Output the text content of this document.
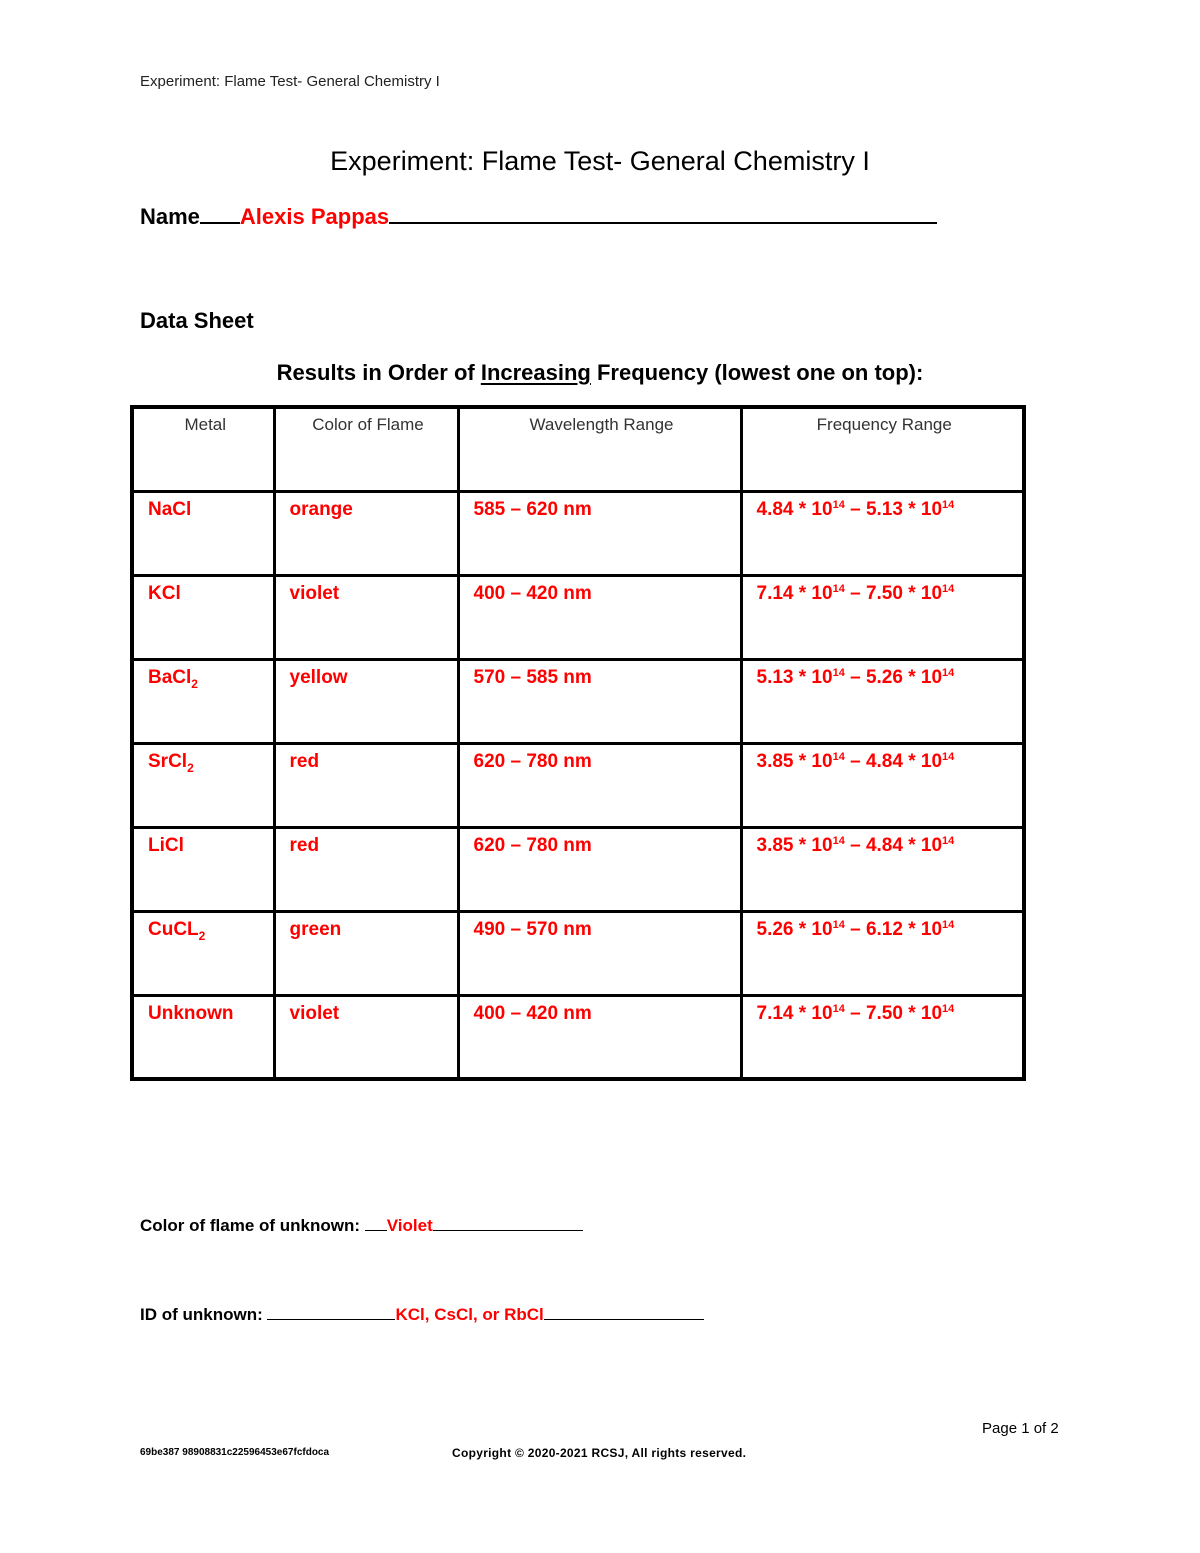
Experiment: Flame Test- General Chemistry I
Experiment: Flame Test- General Chemistry I
Name Alexis Pappas
Data Sheet
Results in Order of Increasing Frequency (lowest one on top):
Metal	Color of Flame	Wavelength Range	Frequency Range
NaCl	orange	585 – 620 nm	$4.84 * 10^{14} - 5.13 * 10^{14}$
KCl	violet	400 – 420 nm	$7.14 * 10^{14} - 7.50 * 10^{14}$
BaCl$_2$	yellow	570 – 585 nm	$5.13 * 10^{14} - 5.26 * 10^{14}$
SrCl$_2$	red	620 – 780 nm	$3.85 * 10^{14} - 4.84 * 10^{14}$
LiCl	red	620 – 780 nm	$3.85 * 10^{14} - 4.84 * 10^{14}$
CuCL$_2$	green	490 – 570 nm	$5.26 * 10^{14} - 6.12 * 10^{14}$
Unknown	violet	400 – 420 nm	$7.14 * 10^{14} - 7.50 * 10^{14}$
Color of flame of unknown: Violet
ID of unknown:	KCl, CsCl, or RbCl
Page 1 of 2
69be387 98908831c22596453e67fcfdoca	Copyright © 2020-2021 RCSJ, All rights reserved.
